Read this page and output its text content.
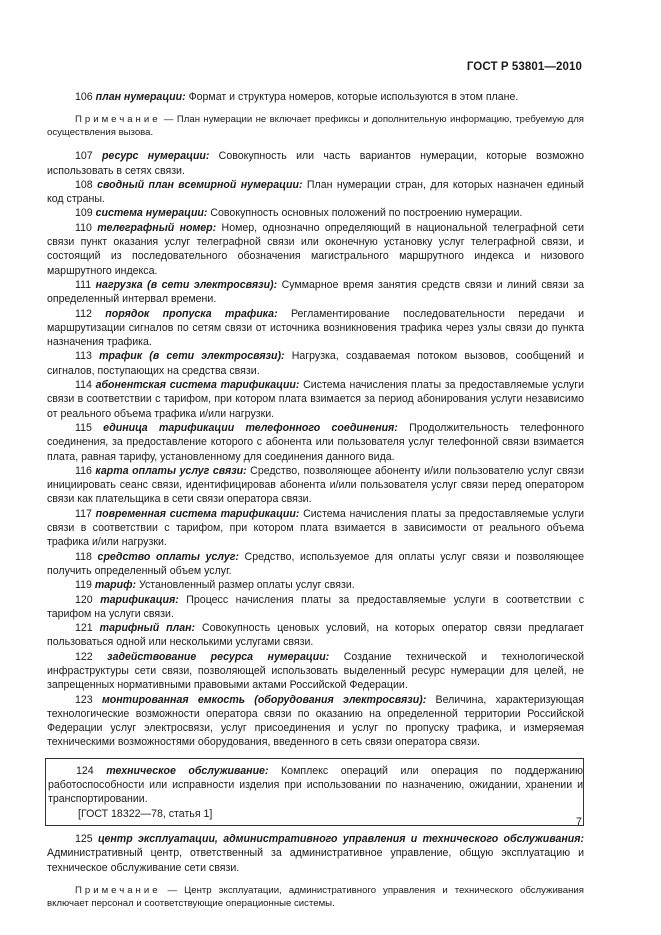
ГОСТ Р 53801—2010

106 план нумерации: Формат и структура номеров, которые используются в этом плане.

Примечание — План нумерации не включает префиксы и дополнительную информацию, требуемую для осуществления вызова.

107 ресурс нумерации: Совокупность или часть вариантов нумерации, которые возможно использовать в сетях связи.

108 сводный план всемирной нумерации: План нумерации стран, для которых назначен единый код страны.

109 система нумерации: Совокупность основных положений по построению нумерации.

110 телеграфный номер: Номер, однозначно определяющий в национальной телеграфной сети связи пункт оказания услуг телеграфной связи или оконечную установку услуг телеграфной связи, и состоящий из последовательного обозначения магистрального маршрутного индекса и низового маршрутного индекса.

111 нагрузка (в сети электросвязи): Суммарное время занятия средств связи и линий связи за определенный интервал времени.

112 порядок пропуска трафика: Регламентирование последовательности передачи и маршрутизации сигналов по сетям связи от источника возникновения трафика через узлы связи до пункта назначения трафика.

113 трафик (в сети электросвязи): Нагрузка, создаваемая потоком вызовов, сообщений и сигналов, поступающих на средства связи.

114 абонентская система тарификации: Система начисления платы за предоставляемые услуги связи в соответствии с тарифом, при котором плата взимается за период абонирования услуги независимо от реального объема трафика и/или нагрузки.

115 единица тарификации телефонного соединения: Продолжительность телефонного соединения, за предоставление которого с абонента или пользователя услуг телефонной связи взимается плата, равная тарифу, установленному для соединения данного вида.

116 карта оплаты услуг связи: Средство, позволяющее абоненту и/или пользователю услуг связи инициировать сеанс связи, идентифицировав абонента и/или пользователя услуг связи перед оператором связи как плательщика в сети связи оператора связи.

117 повременная система тарификации: Система начисления платы за предоставляемые услуги связи в соответствии с тарифом, при котором плата взимается в зависимости от реального объема трафика и/или нагрузки.

118 средство оплаты услуг: Средство, используемое для оплаты услуг связи и позволяющее получить определенный объем услуг.

119 тариф: Установленный размер оплаты услуг связи.

120 тарификация: Процесс начисления платы за предоставляемые услуги в соответствии с тарифом на услуги связи.

121 тарифный план: Совокупность ценовых условий, на которых оператор связи предлагает пользоваться одной или несколькими услугами связи.

122 задействование ресурса нумерации: Создание технической и технологической инфраструктуры сети связи, позволяющей использовать выделенный ресурс нумерации для целей, не запрещенных нормативными правовыми актами Российской Федерации.

123 монтированная емкость (оборудования электросвязи): Величина, характеризующая технологические возможности оператора связи по оказанию на определенной территории Российской Федерации услуг электросвязи, услуг присоединения и услуг по пропуску трафика, и измеряемая техническими возможностями оборудования, введенного в сеть связи оператора связи.

124 техническое обслуживание: Комплекс операций или операция по поддержанию работоспособности или исправности изделия при использовании по назначению, ожидании, хранении и транспортировании.

[ГОСТ 18322—78, статья 1]

125 центр эксплуатации, административного управления и технического обслуживания: Административный центр, ответственный за административное управление, общую эксплуатацию и техническое обслуживание сети связи.

Примечание — Центр эксплуатации, административного управления и технического обслуживания включает персонал и соответствующие операционные системы.

7
